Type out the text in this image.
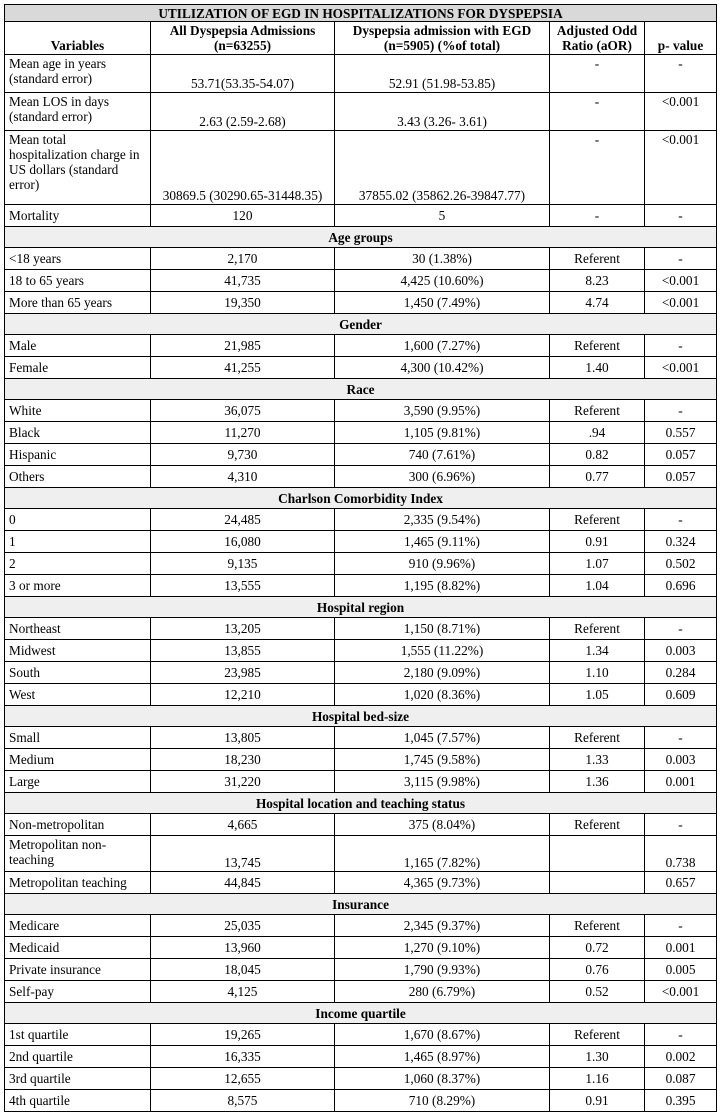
UTILIZATION OF EGD IN HOSPITALIZATIONS FOR DYSPEPSIA				
Variables	All Dyspepsia Admissions (n=63255)	Dyspepsia admission with EGD (n=5905) (%of total)	Adjusted Odd Ratio (aOR)	p- value
Mean age in years (standard error)	53.71(53.35-54.07)	52.91 (51.98-53.85)	-	-
Mean LOS in days (standard error)	2.63 (2.59-2.68)	3.43 (3.26- 3.61)	-	<0.001
Mean total hospitalization charge in US dollars (standard error)	30869.5 (30290.65-31448.35)	37855.02 (35862.26-39847.77)	-	<0.001
Mortality	120	5	-	-
Age groups				
<18 years	2,170	30 (1.38%)	Referent	-
18 to 65 years	41,735	4,425 (10.60%)	8.23	<0.001
More than 65 years	19,350	1,450 (7.49%)	4.74	<0.001
Gender				
Male	21,985	1,600 (7.27%)	Referent	-
Female	41,255	4,300 (10.42%)	1.40	<0.001
Race				
White	36,075	3,590 (9.95%)	Referent	-
Black	11,270	1,105 (9.81%)	.94	0.557
Hispanic	9,730	740 (7.61%)	0.82	0.057
Others	4,310	300 (6.96%)	0.77	0.057
Charlson Comorbidity Index				
0	24,485	2,335 (9.54%)	Referent	-
1	16,080	1,465 (9.11%)	0.91	0.324
2	9,135	910 (9.96%)	1.07	0.502
3 or more	13,555	1,195 (8.82%)	1.04	0.696
Hospital region				
Northeast	13,205	1,150 (8.71%)	Referent	-
Midwest	13,855	1,555 (11.22%)	1.34	0.003
South	23,985	2,180 (9.09%)	1.10	0.284
West	12,210	1,020 (8.36%)	1.05	0.609
Hospital bed-size				
Small	13,805	1,045 (7.57%)	Referent	-
Medium	18,230	1,745 (9.58%)	1.33	0.003
Large	31,220	3,115 (9.98%)	1.36	0.001
Hospital location and teaching status				
Non-metropolitan	4,665	375 (8.04%)	Referent	-
Metropolitan non-teaching	13,745	1,165 (7.82%)		0.738
Metropolitan teaching	44,845	4,365 (9.73%)		0.657
Insurance				
Medicare	25,035	2,345 (9.37%)	Referent	-
Medicaid	13,960	1,270 (9.10%)	0.72	0.001
Private insurance	18,045	1,790 (9.93%)	0.76	0.005
Self-pay	4,125	280 (6.79%)	0.52	<0.001
Income quartile				
1st quartile	19,265	1,670 (8.67%)	Referent	-
2nd quartile	16,335	1,465 (8.97%)	1.30	0.002
3rd quartile	12,655	1,060 (8.37%)	1.16	0.087
4th quartile	8,575	710 (8.29%)	0.91	0.395
